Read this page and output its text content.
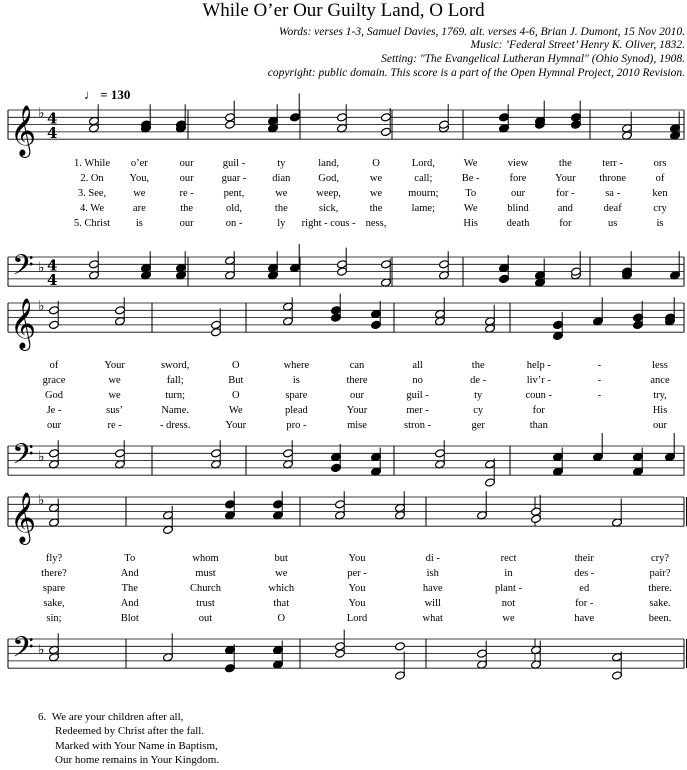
While O’er Our Guilty Land, O Lord
Words: verses 1-3, Samuel Davies, 1769. alt. verses 4-6, Brian J. Dumont, 15 Nov 2010.
Music: ’Federal Street’ Henry K. Oliver, 1832.
Setting: "The Evangelical Lutheran Hymnal" (Ohio Synod), 1908.
copyright: public domain. This score is a part of the Open Hymnal Project, 2010 Revision.
♩ = 130
𝄞 ♭
𝄢 ♭
4
4
4
4
𝄞 ♭
𝄢 ♭
𝄞 ♭
𝄢 ♭
1. While o’er	our	guil -	ty	land,	O	Lord,	We	view	the	terr -	ors
2. On You,	our	guar - dian	God,	we	call;	Be -	fore	Your throne	of
3. See,	we	re -	pent,	we	weep,	we mourn;	To	our	for -	sa -	ken
4. We	are	the	old,	the	sick,	the	lame;	We	blind	and	deaf	cry
5. Christ is	our	on -	ly right - cous - ness,	His	death	for	us	is
of	Your	sword,	O	where	can	all	the	help -	-	less
grace	we	fall;	But	is	there	no	de -	liv’r -	-	ance
God	we	turn;	O	spare	our	guil -	ty	coun -	-	try,
Je -	sus’	Name.	We	plead	Your	mer -	cy	for	His
our	re -	- dress.	Your	pro -	mise	stron -	ger	than	our
fly?	To	whom	but	You	di -	rect	their	cry?
there?	And	must	we	per -	ish	in	des -	pair?
spare	The	Church	which	You	have	plant -	ed	there.
sake,	And	trust	that	You	will	not	for -	sake.
sin;	Blot	out	O	Lord	what	we	have	been.
6. We are your children after all,
Redeemed by Christ after the fall.
Marked with Your Name in Baptism,
Our home remains in Your Kingdom.
